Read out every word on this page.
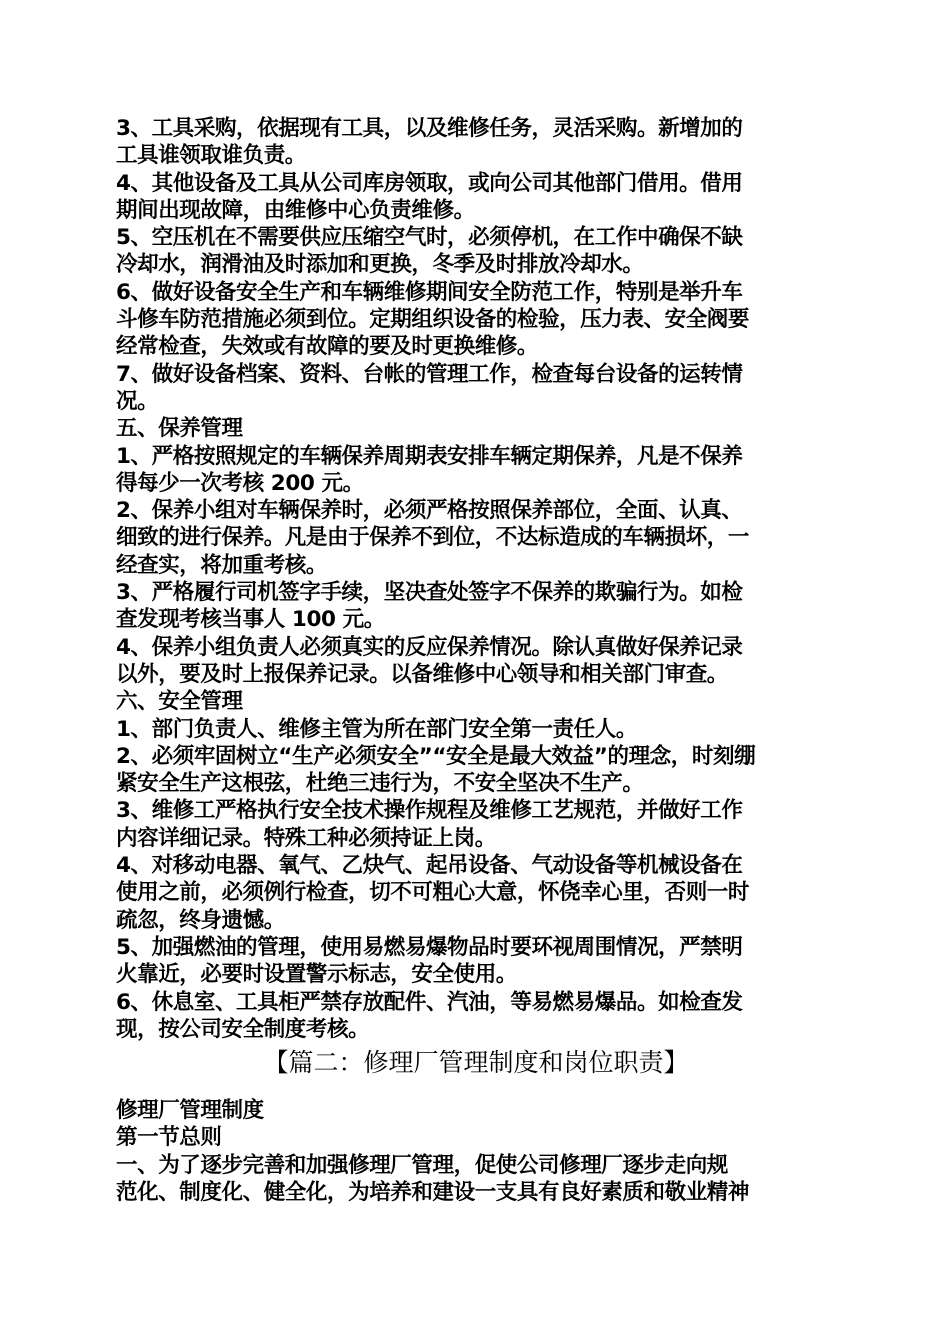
3、工具采购，依据现有工具，以及维修任务，灵活采购。新增加的
工具谁领取谁负责。
4、其他设备及工具从公司库房领取，或向公司其他部门借用。借用
期间出现故障，由维修中心负责维修。
5、空压机在不需要供应压缩空气时，必须停机，在工作中确保不缺
冷却水，润滑油及时添加和更换，冬季及时排放冷却水。
6、做好设备安全生产和车辆维修期间安全防范工作，特别是举升车
斗修车防范措施必须到位。定期组织设备的检验，压力表、安全阀要
经常检查，失效或有故障的要及时更换维修。
7、做好设备档案、资料、台帐的管理工作，检查每台设备的运转情
况。
五、保养管理
1、严格按照规定的车辆保养周期表安排车辆定期保养，凡是不保养
得每少一次考核 200 元。
2、保养小组对车辆保养时，必须严格按照保养部位，全面、认真、
细致的进行保养。凡是由于保养不到位，不达标造成的车辆损坏，一
经查实，将加重考核。
3、严格履行司机签字手续，坚决查处签字不保养的欺骗行为。如检
查发现考核当事人 100 元。
4、保养小组负责人必须真实的反应保养情况。除认真做好保养记录
以外，要及时上报保养记录。以备维修中心领导和相关部门审查。
六、安全管理
1、部门负责人、维修主管为所在部门安全第一责任人。
2、必须牢固树立“生产必须安全”“安全是最大效益”的理念，时刻绷
紧安全生产这根弦，杜绝三违行为，不安全坚决不生产。
3、维修工严格执行安全技术操作规程及维修工艺规范，并做好工作
内容详细记录。特殊工种必须持证上岗。
4、对移动电器、氧气、乙炔气、起吊设备、气动设备等机械设备在
使用之前，必须例行检查，切不可粗心大意，怀侥幸心里，否则一时
疏忽，终身遗憾。
5、加强燃油的管理，使用易燃易爆物品时要环视周围情况，严禁明
火靠近，必要时设置警示标志，安全使用。
6、休息室、工具柜严禁存放配件、汽油，等易燃易爆品。如检查发
现，按公司安全制度考核。
【篇二：修理厂管理制度和岗位职责】
修理厂管理制度
第一节总则
一、为了逐步完善和加强修理厂管理，促使公司修理厂逐步走向规
范化、制度化、健全化，为培养和建设一支具有良好素质和敬业精神
